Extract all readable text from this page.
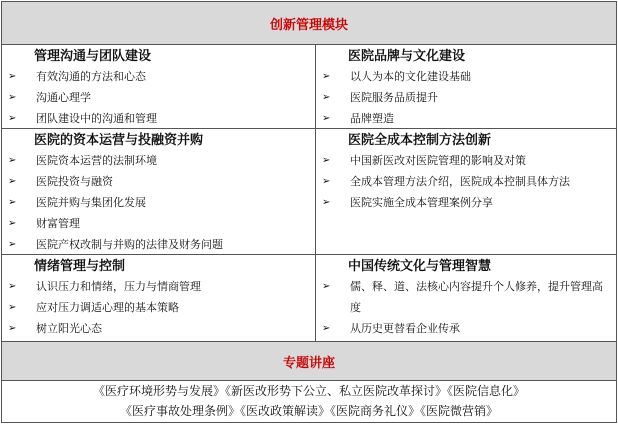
创新管理模块
管理沟通与团队建设
➢ 有效沟通的方法和心态
➢ 沟通心理学
➢ 团队建设中的沟通和管理
医院品牌与文化建设
➢ 以人为本的文化建设基础
➢ 医院服务品质提升
➢ 品牌塑造
医院的资本运营与投融资并购
➢ 医院资本运营的法制环境
➢ 医院投资与融资
➢ 医院并购与集团化发展
➢ 财富管理
➢ 医院产权改制与并购的法律及财务问题
医院全成本控制方法创新
➢ 中国新医改对医院管理的影响及对策
➢ 全成本管理方法介绍，医院成本控制具体方法
➢ 医院实施全成本管理案例分享
情绪管理与控制
➢ 认识压力和情绪，压力与情商管理
➢ 应对压力调适心理的基本策略
➢ 树立阳光心态
中国传统文化与管理智慧
➢ 儒、释、道、法核心内容提升个人修养，提升管理高度
➢ 从历史更替看企业传承
专题讲座
《医疗环境形势与发展》《新医改形势下公立、私立医院改革探讨》《医院信息化》
《医疗事故处理条例》《医改政策解读》《医院商务礼仪》《医院微营销》
